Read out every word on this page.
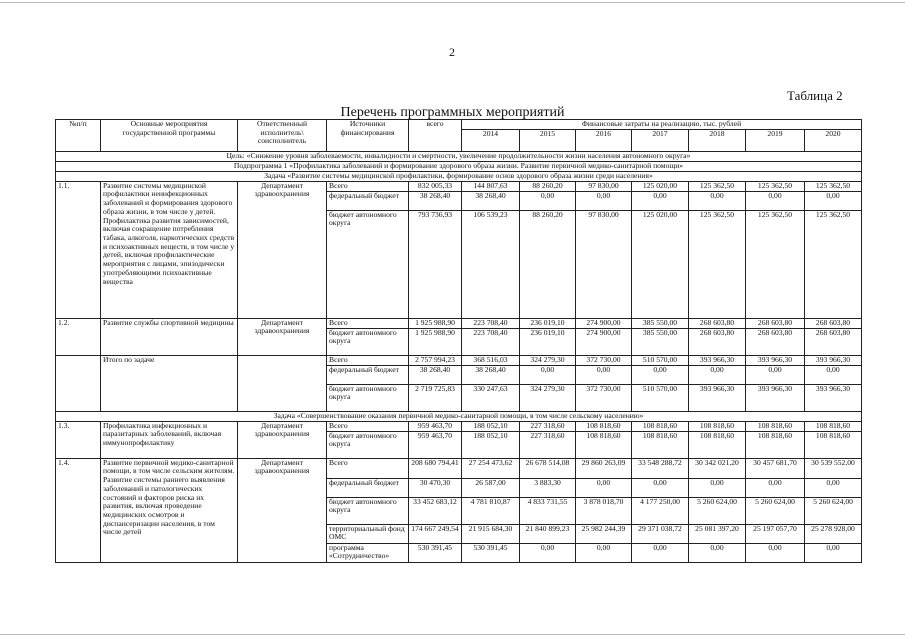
2
Таблица 2
Перечень программных мероприятий
№п/п	Основные мероприятия государственной программы	Ответственный исполнитель\ соисполнитель	Источники финансирования	всего	Финансовые затраты на реализацию, тыс. рублей						
					2014	2015	2016	2017	2018	2019	2020
Цель: «Снижение уровня заболеваемости, инвалидности и смертности, увеличение продолжительности жизни населения автономного округа»											
Подпрограмма 1 «Профилактика заболеваний и формирование здорового образа жизни. Развитие первичной медико-санитарной помощи»											
Задача «Развитие системы медицинской профилактики, формирование основ здорового образа жизни среди населения»											
1.1.	Развитие системы медицинской профилактики неинфекционных заболеваний и формирования здорового образа жизни, в том числе у детей. Профилактика развития зависимостей, включая сокращение потребления табака, алкоголя, наркотических средств и психоактивных веществ, в том числе у детей, включая профилактические мероприятия с лицами, эпизодически употребляющими психоактивные вещества	Департамент здравоохранения	Всего	832 005,33	144 807,63	88 260,20	97 830,00	125 020,00	125 362,50	125 362,50	125 362,50
			федеральный бюджет	38 268,40	38 268,40	0,00	0,00	0,00	0,00	0,00	0,00
			бюджет автономного округа	793 736,93	106 539,23	88 260,20	97 830,00	125 020,00	125 362,50	125 362,50	125 362,50
1.2.	Развитие службы спортивной медицины	Департамент здравоохранения	Всего	1 925 988,90	223 708,40	236 019,10	274 900,00	385 550,00	268 603,80	268 603,80	268 603,80
			бюджет автономного округа	1 925 988,90	223 708,40	236 019,10	274 900,00	385 550,00	268 603,80	268 603,80	268 603,80
	Итого по задаче		Всего	2 757 994,23	368 516,03	324 279,30	372 730,00	510 570,00	393 966,30	393 966,30	393 966,30
			федеральный бюджет	38 268,40	38 268,40	0,00	0,00	0,00	0,00	0,00	0,00
			бюджет автономного округа	2 719 725,83	330 247,63	324 279,30	372 730,00	510 570,00	393 966,30	393 966,30	393 966,30
Задача «Совершенствование оказания первичной медико-санитарной помощи, в том числе сельскому населению»											
1.3.	Профилактика инфекционных и паразитарных заболеваний, включая иммунопрофилактику	Департамент здравоохранения	Всего	959 463,70	188 052,10	227 318,60	108 818,60	108 818,60	108 818,60	108 818,60	108 818,60
			бюджет автономного округа	959 463,70	188 052,10	227 318,60	108 818,60	108 818,60	108 818,60	108 818,60	108 818,60
1.4.	Развитие первичной медико-санитарной помощи, в том числе сельским жителям. Развитие системы раннего выявления заболеваний и патологических состояний и факторов риска их развития, включая проведение медицинских осмотров и диспансеризации населения, в том числе детей	Департамент здравоохранения	Всего	208 680 794,41	27 254 473,62	26 678 514,08	29 860 263,09	33 548 288,72	30 342 021,20	30 457 681,70	30 539 552,00
			федеральный бюджет	30 470,30	26 587,00	3 883,30	0,00	0,00	0,00	0,00	0,00
			бюджет автономного округа	33 452 683,12	4 781 810,87	4 833 731,55	3 878 018,70	4 177 250,00	5 260 624,00	5 260 624,00	5 260 624,00
			территориальный фонд ОМС	174 667 249,54	21 915 684,30	21 840 899,23	25 982 244,39	29 371 038,72	25 081 397,20	25 197 057,70	25 278 928,00
			программа «Сотрудничество»	530 391,45	530 391,45	0,00	0,00	0,00	0,00	0,00	0,00
